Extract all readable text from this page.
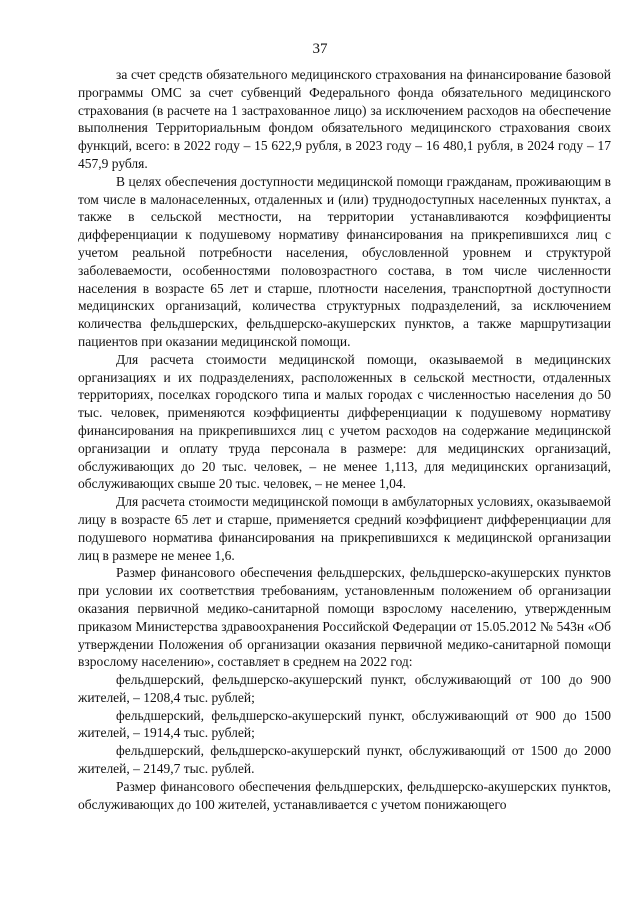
37

за счет средств обязательного медицинского страхования на финансирование базовой программы ОМС за счет субвенций Федерального фонда обязательного медицинского страхования (в расчете на 1 застрахованное лицо) за исключением расходов на обеспечение выполнения Территориальным фондом обязательного медицинского страхования своих функций, всего: в 2022 году – 15 622,9 рубля, в 2023 году – 16 480,1 рубля, в 2024 году – 17 457,9 рубля.

В целях обеспечения доступности медицинской помощи гражданам, проживающим в том числе в малонаселенных, отдаленных и (или) труднодоступных населенных пунктах, а также в сельской местности, на территории устанавливаются коэффициенты дифференциации к подушевому нормативу финансирования на прикрепившихся лиц с учетом реальной потребности населения, обусловленной уровнем и структурой заболеваемости, особенностями половозрастного состава, в том числе численности населения в возрасте 65 лет и старше, плотности населения, транспортной доступности медицинских организаций, количества структурных подразделений, за исключением количества фельдшерских, фельдшерско-акушерских пунктов, а также маршрутизации пациентов при оказании медицинской помощи.

Для расчета стоимости медицинской помощи, оказываемой в медицинских организациях и их подразделениях, расположенных в сельской местности, отдаленных территориях, поселках городского типа и малых городах с численностью населения до 50 тыс. человек, применяются коэффициенты дифференциации к подушевому нормативу финансирования на прикрепившихся лиц с учетом расходов на содержание медицинской организации и оплату труда персонала в размере: для медицинских организаций, обслуживающих до 20 тыс. человек, – не менее 1,113, для медицинских организаций, обслуживающих свыше 20 тыс. человек, – не менее 1,04.

Для расчета стоимости медицинской помощи в амбулаторных условиях, оказываемой лицу в возрасте 65 лет и старше, применяется средний коэффициент дифференциации для подушевого норматива финансирования на прикрепившихся к медицинской организации лиц в размере не менее 1,6.

Размер финансового обеспечения фельдшерских, фельдшерско-акушерских пунктов при условии их соответствия требованиям, установленным положением об организации оказания первичной медико-санитарной помощи взрослому населению, утвержденным приказом Министерства здравоохранения Российской Федерации от 15.05.2012 № 543н «Об утверждении Положения об организации оказания первичной медико-санитарной помощи взрослому населению», составляет в среднем на 2022 год:

фельдшерский, фельдшерско-акушерский пункт, обслуживающий от 100 до 900 жителей, – 1208,4 тыс. рублей;

фельдшерский, фельдшерско-акушерский пункт, обслуживающий от 900 до 1500 жителей, – 1914,4 тыс. рублей;

фельдшерский, фельдшерско-акушерский пункт, обслуживающий от 1500 до 2000 жителей, – 2149,7 тыс. рублей.

Размер финансового обеспечения фельдшерских, фельдшерско-акушерских пунктов, обслуживающих до 100 жителей, устанавливается с учетом понижающего
